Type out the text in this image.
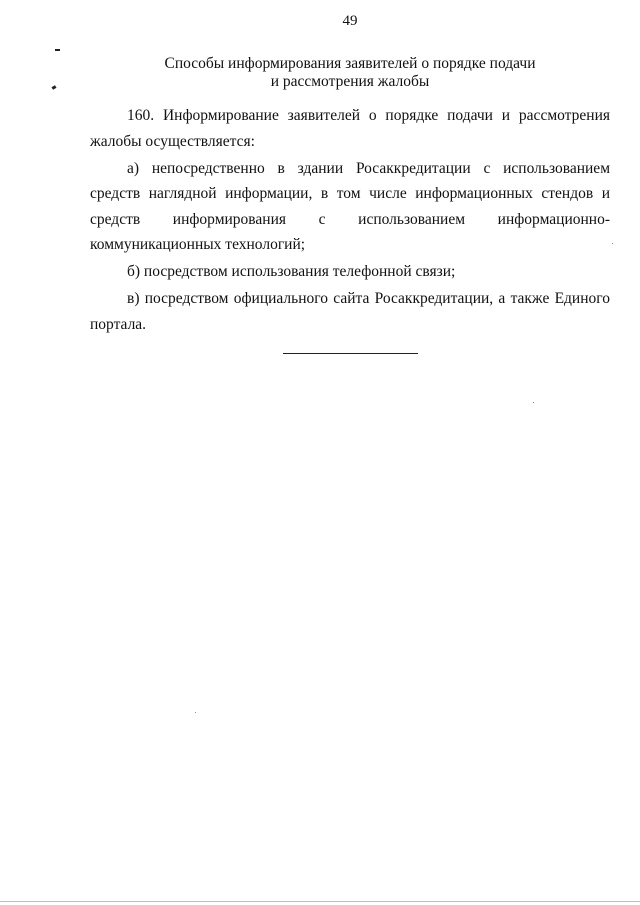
49
Способы информирования заявителей о порядке подачи
и рассмотрения жалобы

160. Информирование заявителей о порядке подачи и рассмотрения жалобы осуществляется:

а) непосредственно в здании Росаккредитации с использованием средств наглядной информации, в том числе информационных стендов и средств информирования с использованием информационно-коммуникационных технологий;

б) посредством использования телефонной связи;

в) посредством официального сайта Росаккредитации, а также Единого портала.
